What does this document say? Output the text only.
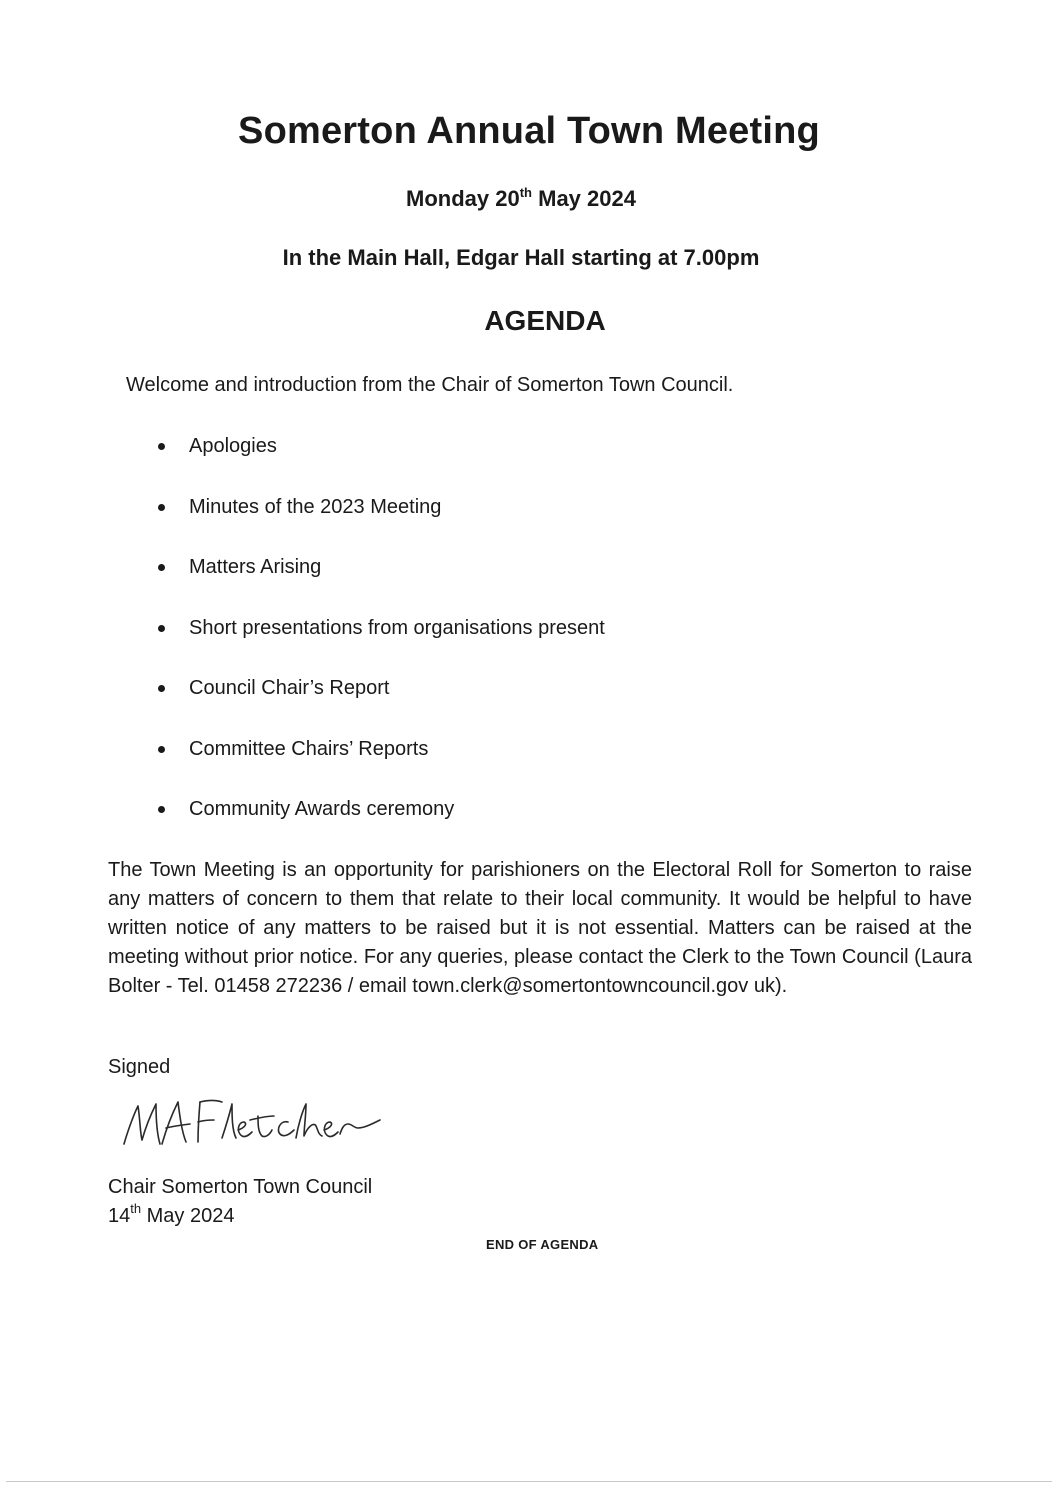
Somerton Annual Town Meeting
Monday 20th May 2024
In the Main Hall, Edgar Hall starting at 7.00pm
AGENDA
Welcome and introduction from the Chair of Somerton Town Council.
Apologies
Minutes of the 2023 Meeting
Matters Arising
Short presentations from organisations present
Council Chair’s Report
Committee Chairs’ Reports
Community Awards ceremony
The Town Meeting is an opportunity for parishioners on the Electoral Roll for Somerton to raise any matters of concern to them that relate to their local community. It would be helpful to have written notice of any matters to be raised but it is not essential. Matters can be raised at the meeting without prior notice. For any queries, please contact the Clerk to the Town Council (Laura Bolter - Tel. 01458 272236 / email town.clerk@somertontowncouncil.gov uk).
Signed
Chair Somerton Town Council
14th May 2024
END OF AGENDA
